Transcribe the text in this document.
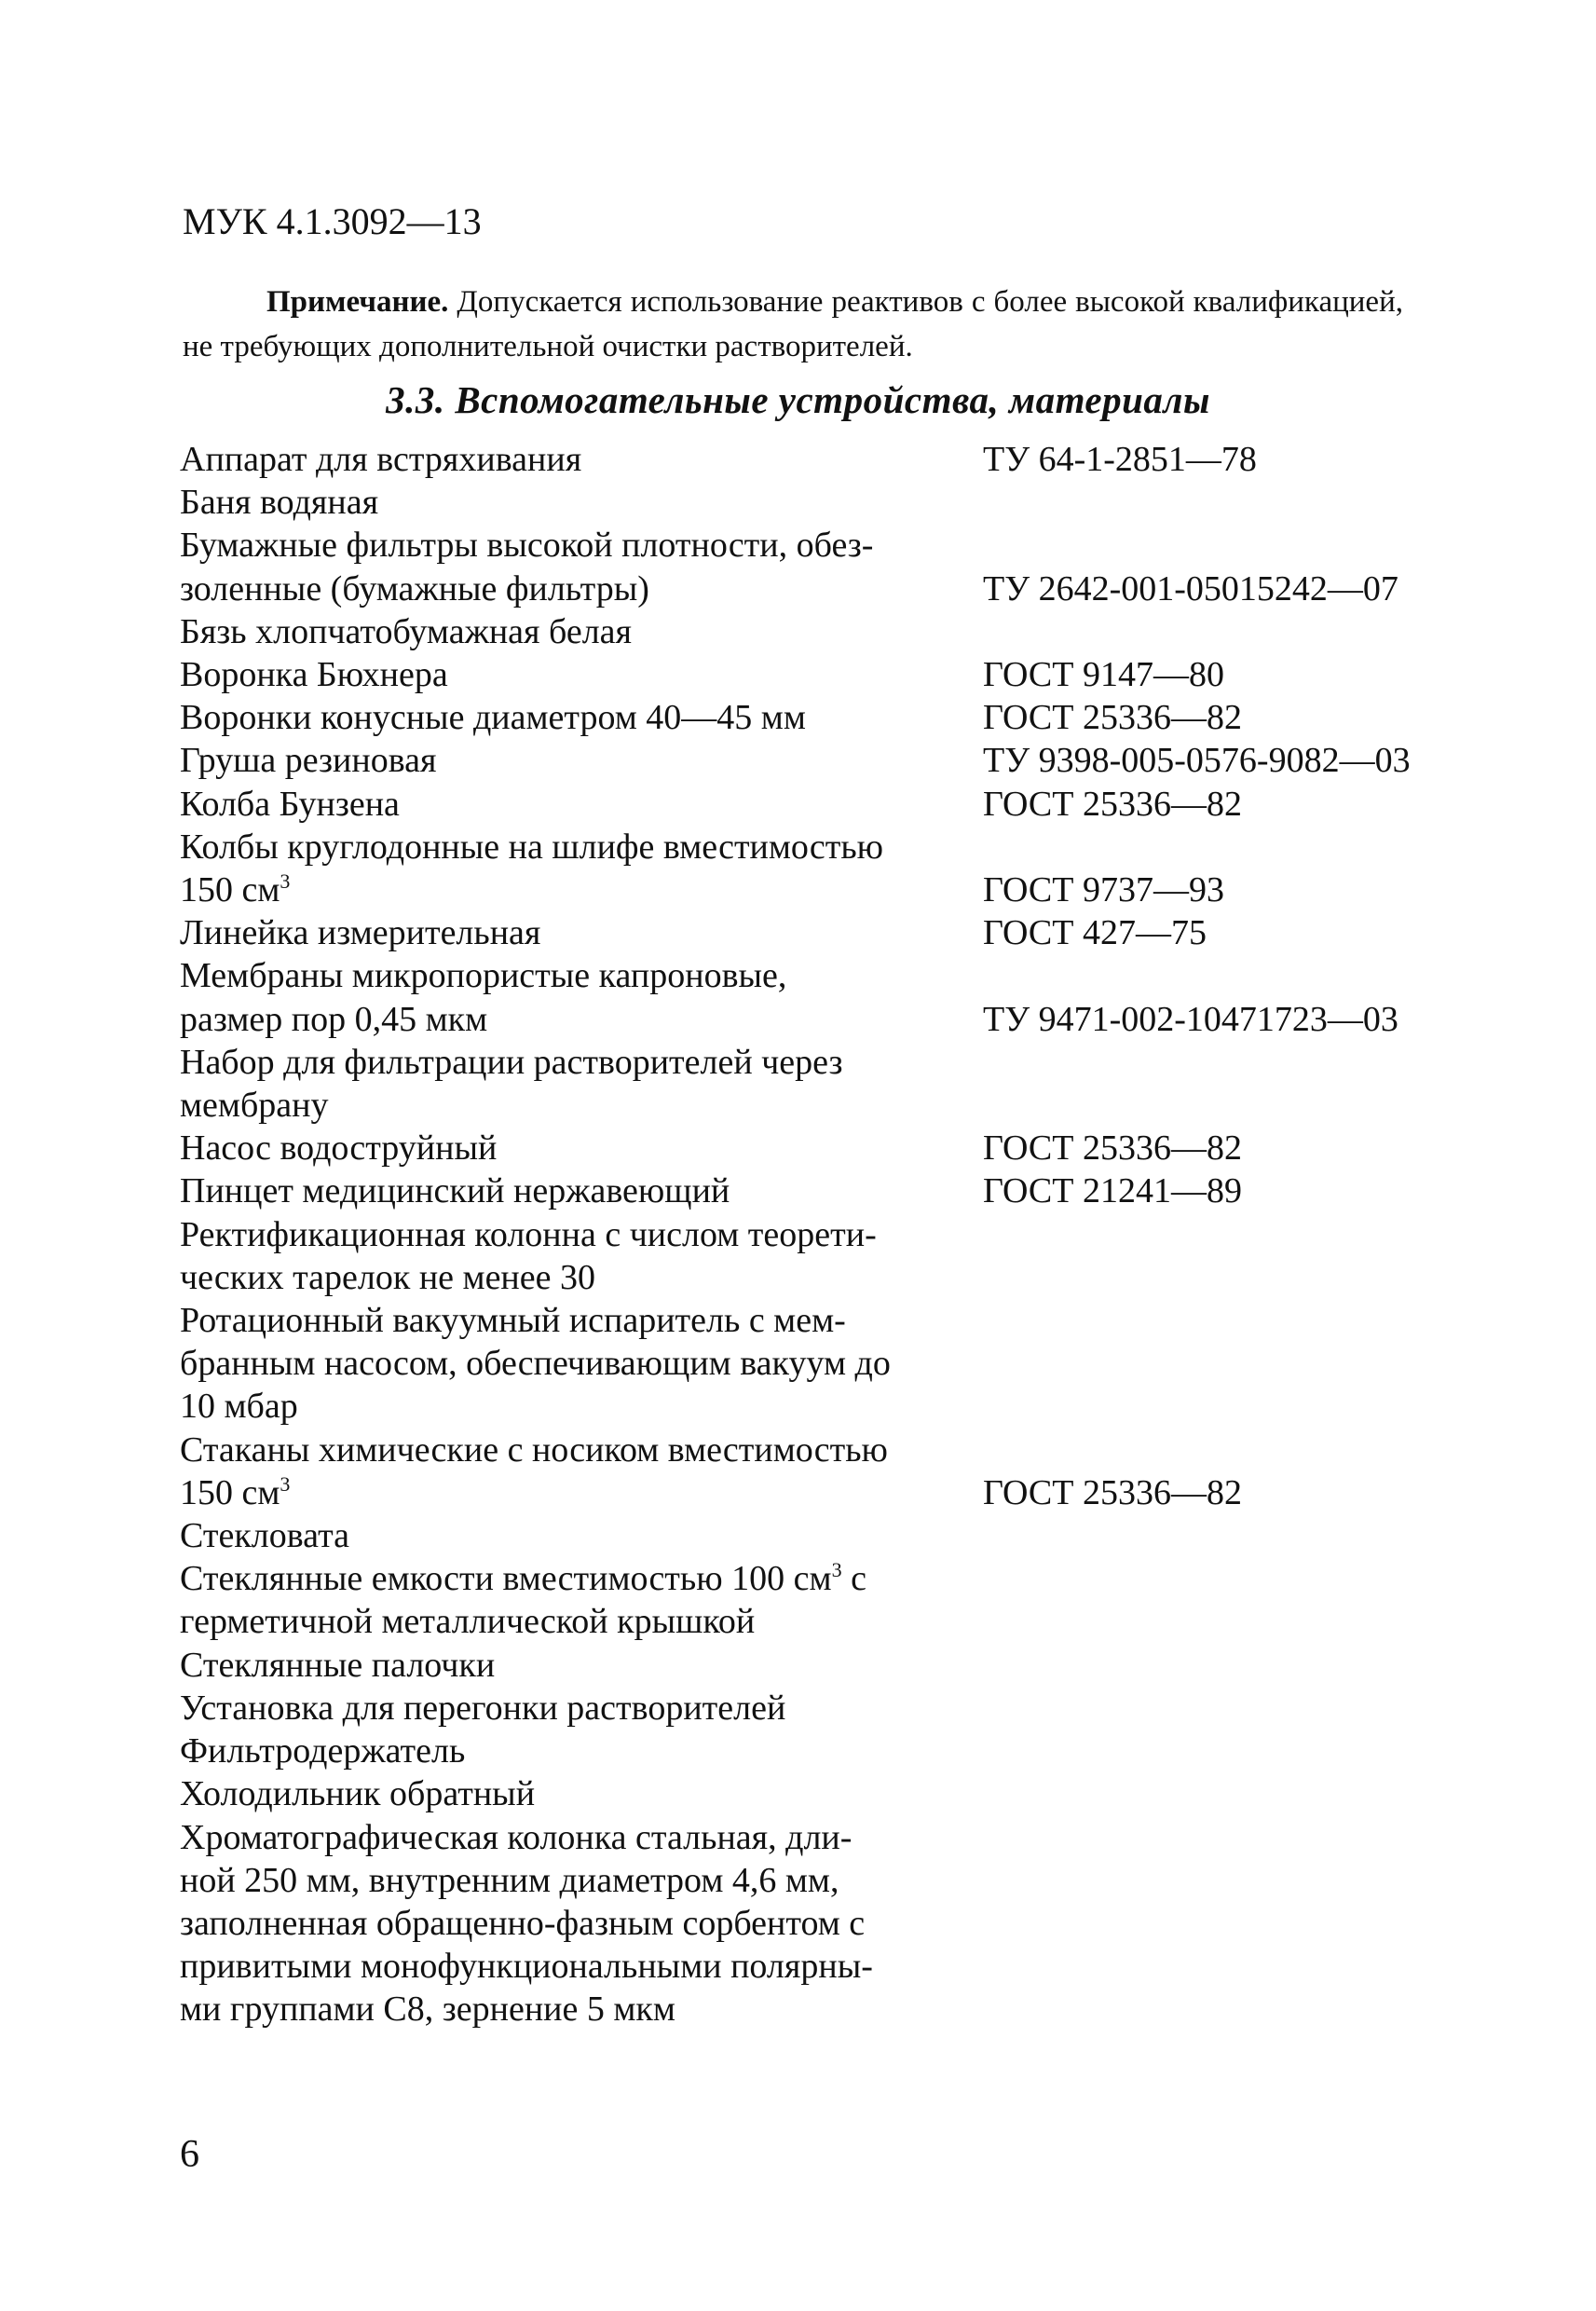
МУК 4.1.3092—13
Примечание. Допускается использование реактивов с более высокой квалификацией, не требующих дополнительной очистки растворителей.
3.3. Вспомогательные устройства, материалы
Аппарат для встряхивания	ТУ 64-1-2851—78
Баня водяная
Бумажные фильтры высокой плотности, обез-
золенные (бумажные фильтры)	ТУ 2642-001-05015242—07
Бязь хлопчатобумажная белая
Воронка Бюхнера	ГОСТ 9147—80
Воронки конусные диаметром 40—45 мм	ГОСТ 25336—82
Груша резиновая	ТУ 9398-005-0576-9082—03
Колба Бунзена	ГОСТ 25336—82
Колбы круглодонные на шлифе вместимостью
150 $см^3$	ГОСТ 9737—93
Линейка измерительная	ГОСТ 427—75
Мембраны микропористые капроновые,
размер пор 0,45 мкм	ТУ 9471-002-10471723—03
Набор для фильтрации растворителей через
мембрану
Насос водоструйный	ГОСТ 25336—82
Пинцет медицинский нержавеющий	ГОСТ 21241—89
Ректификационная колонна с числом теорети-
ческих тарелок не менее 30
Ротационный вакуумный испаритель с мем-
бранным насосом, обеспечивающим вакуум до
10 мбар
Стаканы химические с носиком вместимостью
150 $см^3$	ГОСТ 25336—82
Стекловата
Стеклянные емкости вместимостью 100 $см^3$ с
герметичной металлической крышкой
Стеклянные палочки
Установка для перегонки растворителей
Фильтродержатель
Холодильник обратный
Хроматографическая колонка стальная, дли-
ной 250 мм, внутренним диаметром 4,6 мм,
заполненная обращенно-фазным сорбентом с
привитыми монофункциональными полярны-
ми группами С8, зернение 5 мкм
6
